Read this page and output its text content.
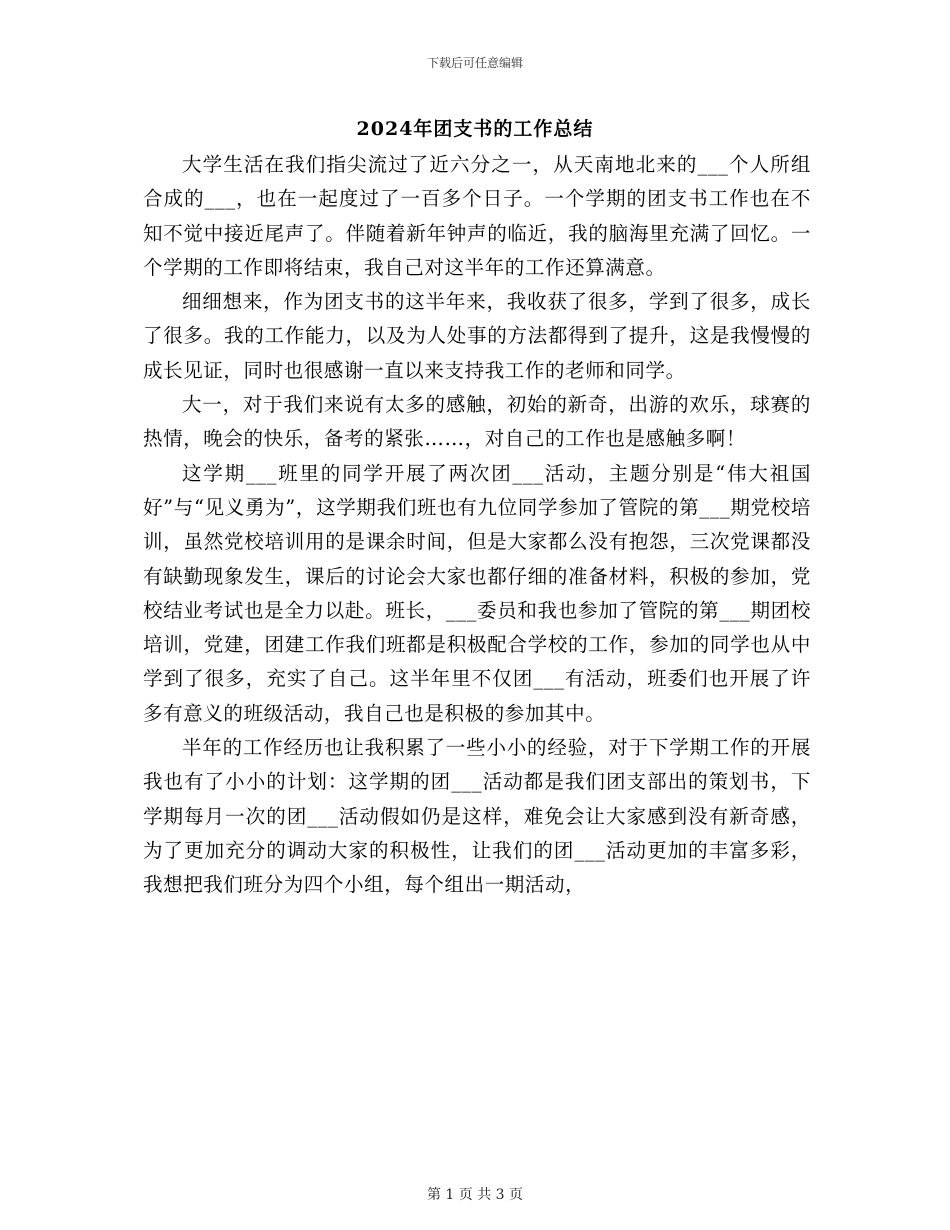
下载后可任意编辑
2024年团支书的工作总结

大学生活在我们指尖流过了近六分之一，从天南地北来的___个人所组合成的___，也在一起度过了一百多个日子。一个学期的团支书工作也在不知不觉中接近尾声了。伴随着新年钟声的临近，我的脑海里充满了回忆。一个学期的工作即将结束，我自己对这半年的工作还算满意。

细细想来，作为团支书的这半年来，我收获了很多，学到了很多，成长了很多。我的工作能力，以及为人处事的方法都得到了提升，这是我慢慢的成长见证，同时也很感谢一直以来支持我工作的老师和同学。

大一，对于我们来说有太多的感触，初始的新奇，出游的欢乐，球赛的热情，晚会的快乐，备考的紧张……，对自己的工作也是感触多啊！

这学期___班里的同学开展了两次团___活动，主题分别是“伟大祖国好”与“见义勇为”，这学期我们班也有九位同学参加了管院的第___期党校培训，虽然党校培训用的是课余时间，但是大家都么没有抱怨，三次党课都没有缺勤现象发生，课后的讨论会大家也都仔细的准备材料，积极的参加，党校结业考试也是全力以赴。班长，___委员和我也参加了管院的第___期团校培训，党建，团建工作我们班都是积极配合学校的工作，参加的同学也从中学到了很多，充实了自己。这半年里不仅团___有活动，班委们也开展了许多有意义的班级活动，我自己也是积极的参加其中。

半年的工作经历也让我积累了一些小小的经验，对于下学期工作的开展我也有了小小的计划：这学期的团___活动都是我们团支部出的策划书，下学期每月一次的团___活动假如仍是这样，难免会让大家感到没有新奇感，为了更加充分的调动大家的积极性，让我们的团___活动更加的丰富多彩，我想把我们班分为四个小组，每个组出一期活动，

第 1 页 共 3 页
